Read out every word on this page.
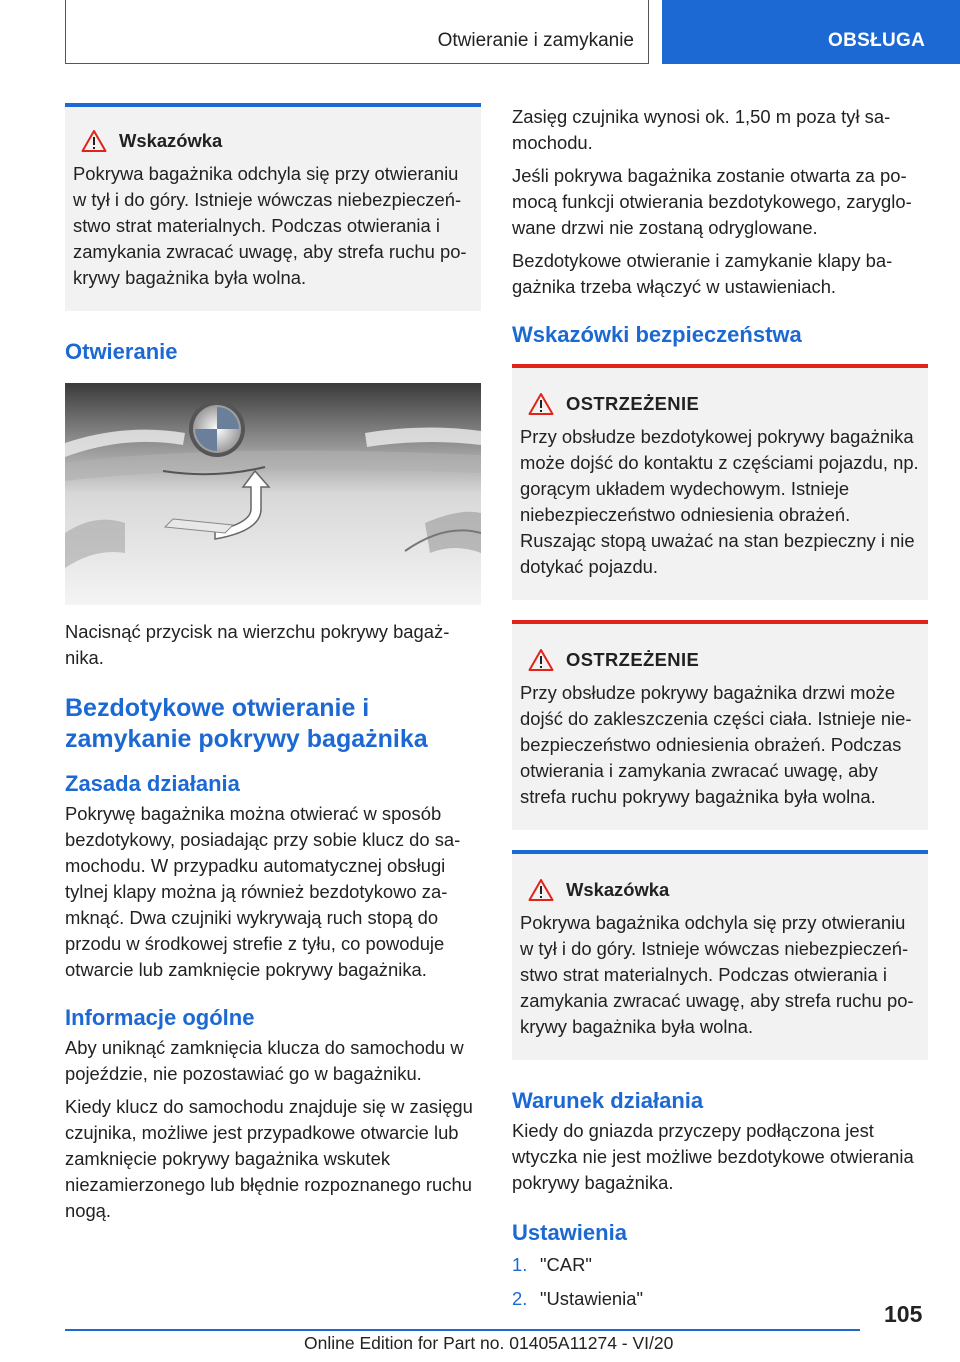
Otwieranie i zamykanie	OBSŁUGA
Wskazówka
Pokrywa bagażnika odchyla się przy otwieraniu w tył i do góry. Istnieje wówczas niebezpieczeństwo strat materialnych. Podczas otwierania i zamykania zwracać uwagę, aby strefa ruchu pokrywy bagażnika była wolna.
Otwieranie

Nacisnąć przycisk na wierzchu pokrywy bagażnika.

Bezdotykowe otwieranie i
zamykanie pokrywy bagażnika
Zasada działania

Pokrywę bagażnika można otwierać w sposób bezdotykowy, posiadając przy sobie klucz do samochodu. W przypadku automatycznej obsługi tylnej klapy można ją również bezdotykowo zamknąć. Dwa czujniki wykrywają ruch stopą do przodu w środkowej strefie z tyłu, co powoduje otwarcie lub zamknięcie pokrywy bagażnika.

Informacje ogólne

Aby uniknąć zamknięcia klucza do samochodu w pojeździe, nie pozostawiać go w bagażniku.

Kiedy klucz do samochodu znajduje się w zasięgu czujnika, możliwe jest przypadkowe otwarcie lub zamknięcie pokrywy bagażnika wskutek niezamierzonego lub błędnie rozpoznanego ruchu nogą.

Zasięg czujnika wynosi ok. 1,50 m poza tył samochodu.

Jeśli pokrywa bagażnika zostanie otwarta za pomocą funkcji otwierania bezdotykowego, zaryglowane drzwi nie zostaną odryglowane.

Bezdotykowe otwieranie i zamykanie klapy bagażnika trzeba włączyć w ustawieniach.

Wskazówki bezpieczeństwa
OSTRZEŻENIE
Przy obsłudze bezdotykowej pokrywy bagażnika może dojść do kontaktu z częściami pojazdu, np. gorącym układem wydechowym. Istnieje niebezpieczeństwo odniesienia obrażeń. Ruszając stopą uważać na stan bezpieczny i nie dotykać pojazdu.
OSTRZEŻENIE
Przy obsłudze pokrywy bagażnika drzwi może dojść do zakleszczenia części ciała. Istnieje niebezpieczeństwo odniesienia obrażeń. Podczas otwierania i zamykania zwracać uwagę, aby strefa ruchu pokrywy bagażnika była wolna.
Wskazówka
Pokrywa bagażnika odchyla się przy otwieraniu w tył i do góry. Istnieje wówczas niebezpieczeństwo strat materialnych. Podczas otwierania i zamykania zwracać uwagę, aby strefa ruchu pokrywy bagażnika była wolna.
Warunek działania

Kiedy do gniazda przyczepy podłączona jest wtyczka nie jest możliwe bezdotykowe otwierania pokrywy bagażnika.

Ustawienia
1. "CAR"
2. "Ustawienia"
105
Online Edition for Part no. 01405A11274 - VI/20
